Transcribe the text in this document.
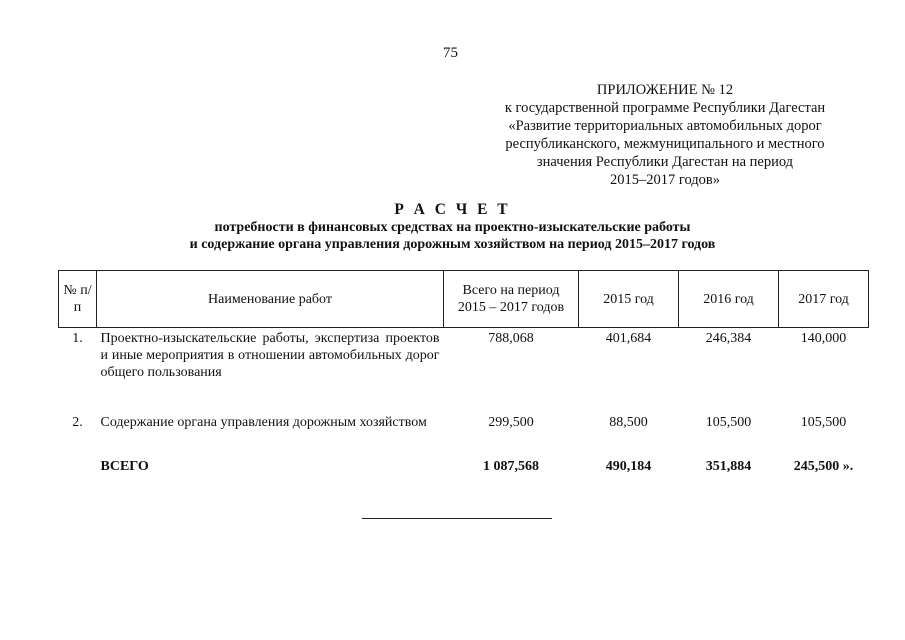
75
ПРИЛОЖЕНИЕ № 12
к государственной программе Республики Дагестан
«Развитие территориальных автомобильных дорог
республиканского, межмуниципального и местного
значения Республики Дагестан на период
2015–2017 годов»
Р А С Ч Е Т
потребности в финансовых средствах на проектно-изыскательские работы
и содержание органа управления дорожным хозяйством на период 2015–2017 годов
№ п/п	Наименование работ	Всего на период 2015 – 2017 годов	2015 год	2016 год	2017 год
1.	Проектно-изыскательские работы, экспертиза проектов и иные мероприятия в отношении автомобильных дорог общего пользования	788,068	401,684	246,384	140,000
2.	Содержание органа управления дорожным хозяйством	299,500	88,500	105,500	105,500
	ВСЕГО	1 087,568	490,184	351,884	245,500 ».
